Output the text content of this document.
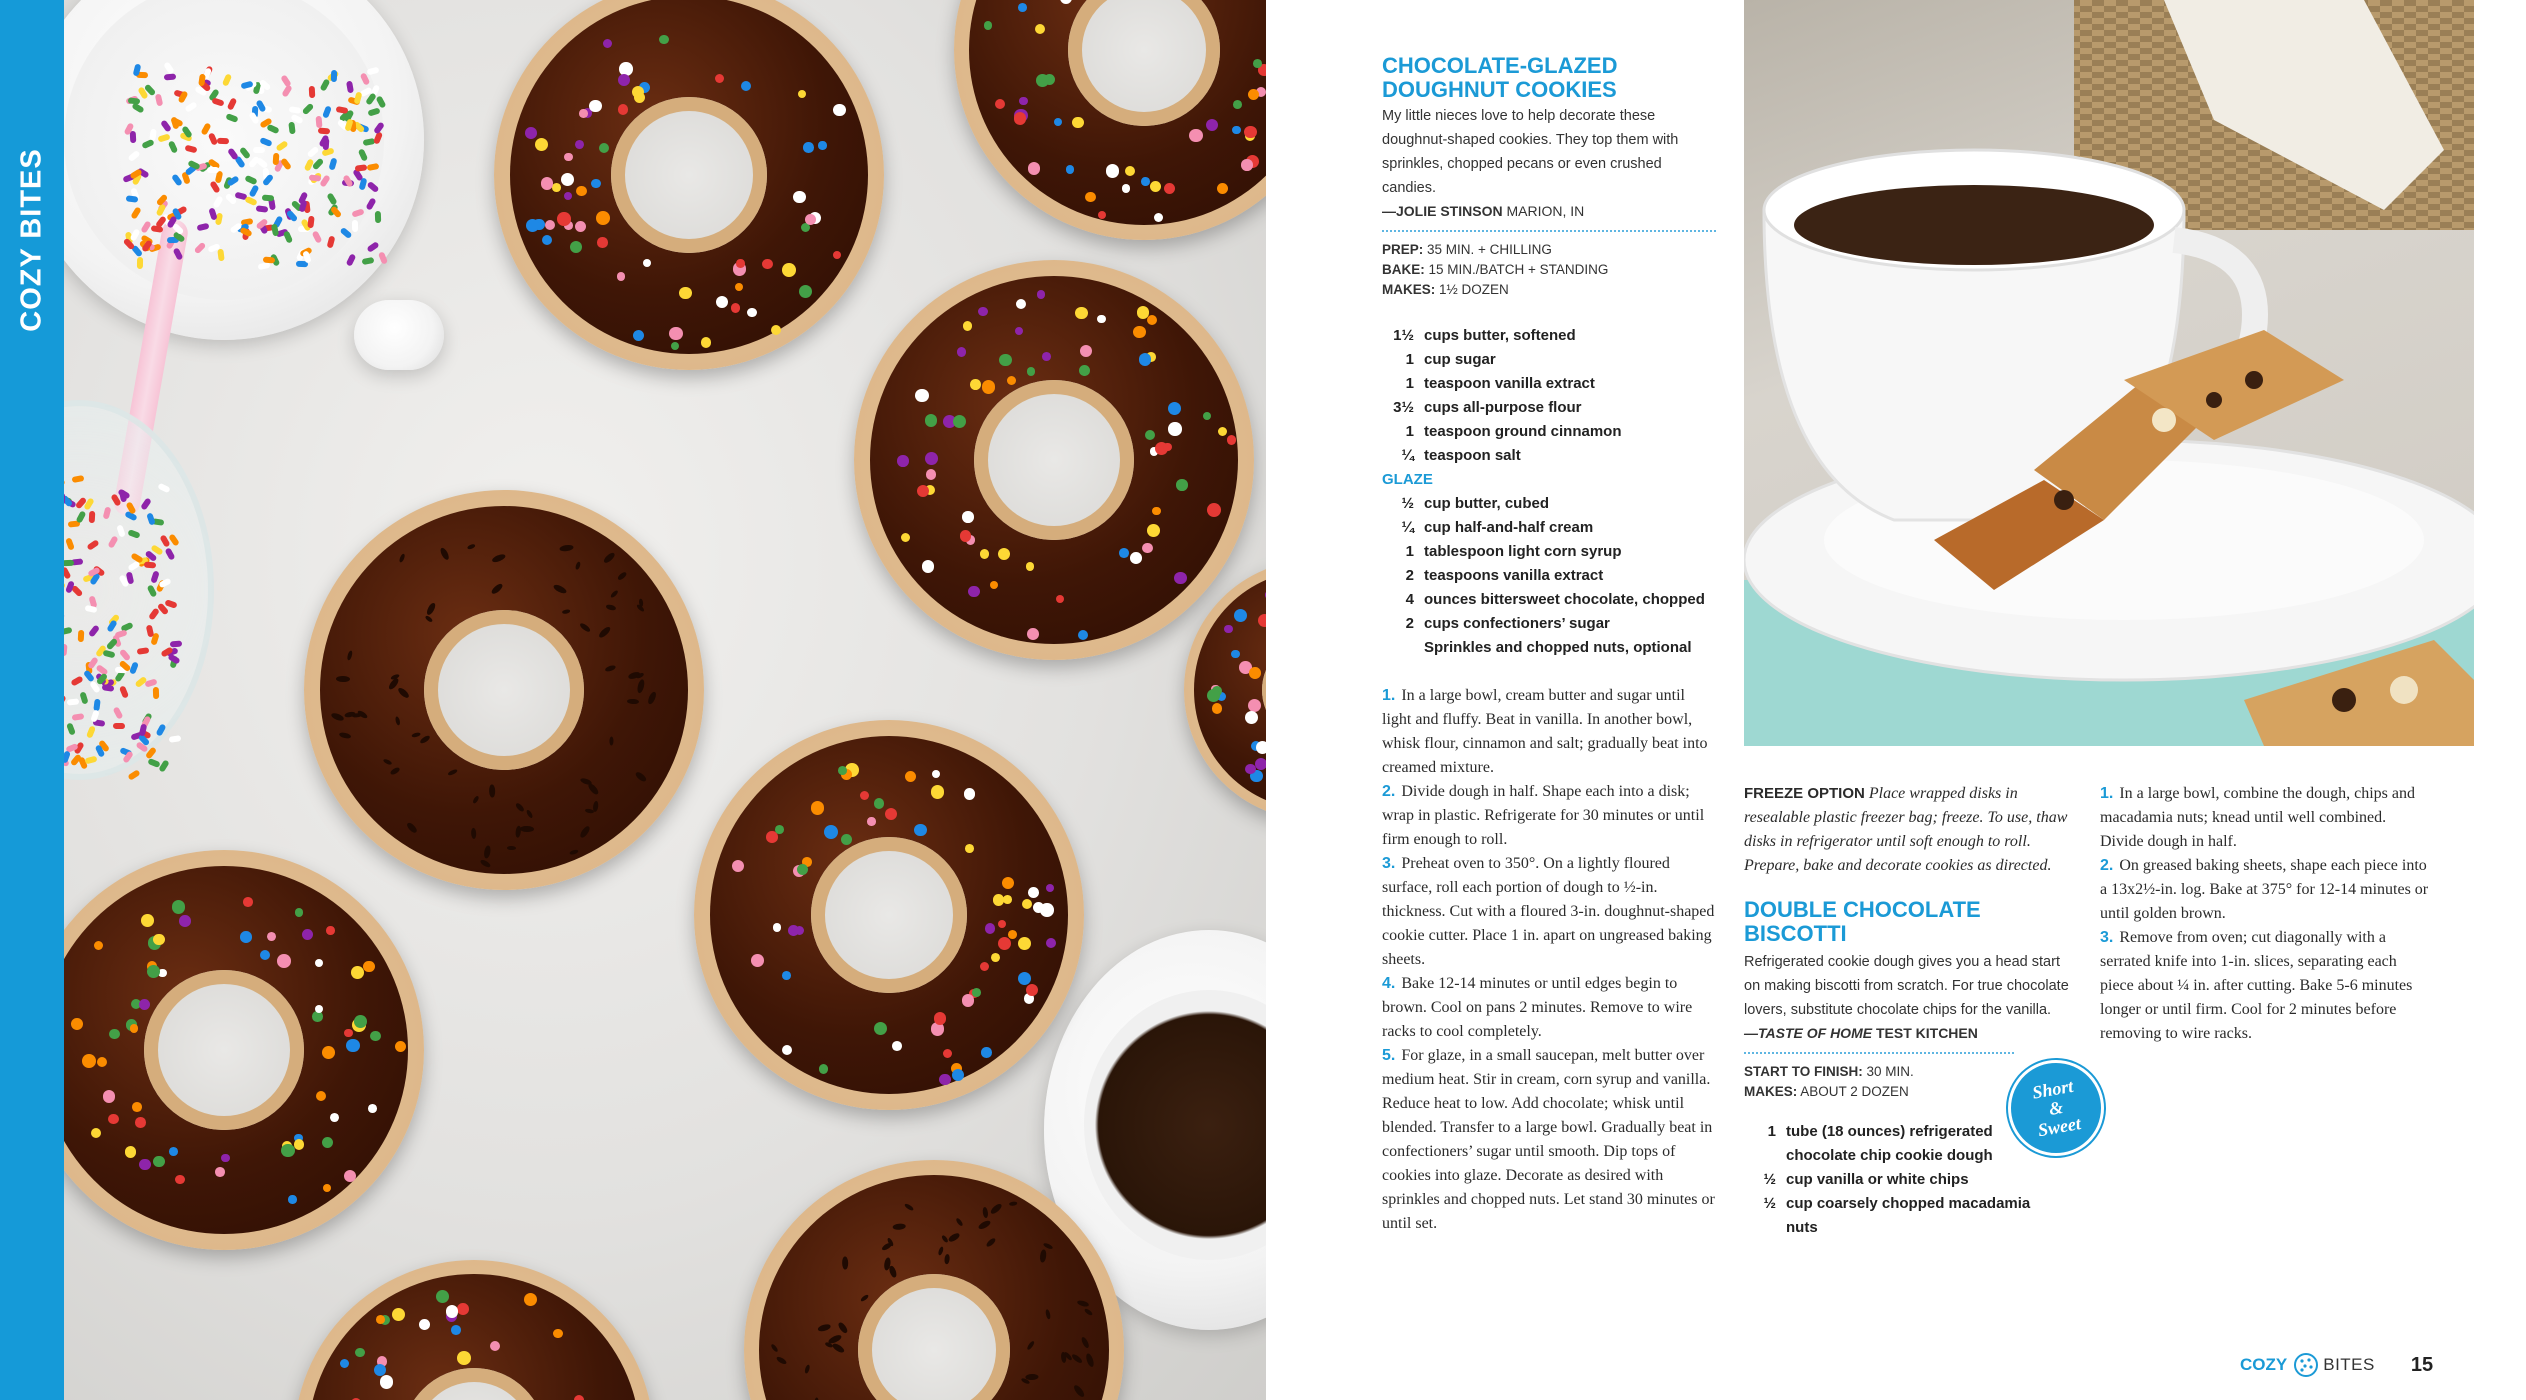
COZY BITES
CHOCOLATE-GLAZED DOUGHNUT COOKIES
My little nieces love to help decorate these doughnut-shaped cookies. They top them with sprinkles, chopped pecans or even crushed candies.
—JOLIE STINSON MARION, IN
PREP: 35 MIN. + CHILLING
BAKE: 15 MIN./BATCH + STANDING
MAKES: 1½ DOZEN
1½ cups butter, softened
1 cup sugar
1 teaspoon vanilla extract
3½ cups all-purpose flour
1 teaspoon ground cinnamon
¼ teaspoon salt
GLAZE
½ cup butter, cubed
¼ cup half-and-half cream
1 tablespoon light corn syrup
2 teaspoons vanilla extract
4 ounces bittersweet chocolate, chopped
2 cups confectioners’ sugar
Sprinkles and chopped nuts, optional

1. In a large bowl, cream butter and sugar until light and fluffy. Beat in vanilla. In another bowl, whisk flour, cinnamon and salt; gradually beat into creamed mixture.

2. Divide dough in half. Shape each into a disk; wrap in plastic. Refrigerate for 30 minutes or until firm enough to roll.

3. Preheat oven to 350°. On a lightly floured surface, roll each portion of dough to ½-in. thickness. Cut with a floured 3-in. doughnut-shaped cookie cutter. Place 1 in. apart on ungreased baking sheets.

4. Bake 12-14 minutes or until edges begin to brown. Cool on pans 2 minutes. Remove to wire racks to cool completely.

5. For glaze, in a small saucepan, melt butter over medium heat. Stir in cream, corn syrup and vanilla. Reduce heat to low. Add chocolate; whisk until blended. Transfer to a large bowl. Gradually beat in confectioners’ sugar until smooth. Dip tops of cookies into glaze. Decorate as desired with sprinkles and chopped nuts. Let stand 30 minutes or until set.

FREEZE OPTION Place wrapped disks in resealable plastic freezer bag; freeze. To use, thaw disks in refrigerator until soft enough to roll. Prepare, bake and decorate cookies as directed.

DOUBLE CHOCOLATE BISCOTTI
Refrigerated cookie dough gives you a head start on making biscotti from scratch. For true chocolate lovers, substitute chocolate chips for the vanilla.
—TASTE OF HOME TEST KITCHEN
START TO FINISH: 30 MIN.
MAKES: ABOUT 2 DOZEN
1 tube (18 ounces) refrigerated chocolate chip cookie dough
½ cup vanilla or white chips
½ cup coarsely chopped macadamia nuts
Short
&
Sweet

1. In a large bowl, combine the dough, chips and macadamia nuts; knead until well combined. Divide dough in half.

2. On greased baking sheets, shape each piece into a 13x2½-in. log. Bake at 375° for 12-14 minutes or until golden brown.

3. Remove from oven; cut diagonally with a serrated knife into 1-in. slices, separating each piece about ¼ in. after cutting. Bake 5-6 minutes longer or until firm. Cool for 2 minutes before removing to wire racks.

COZY BITES 15
